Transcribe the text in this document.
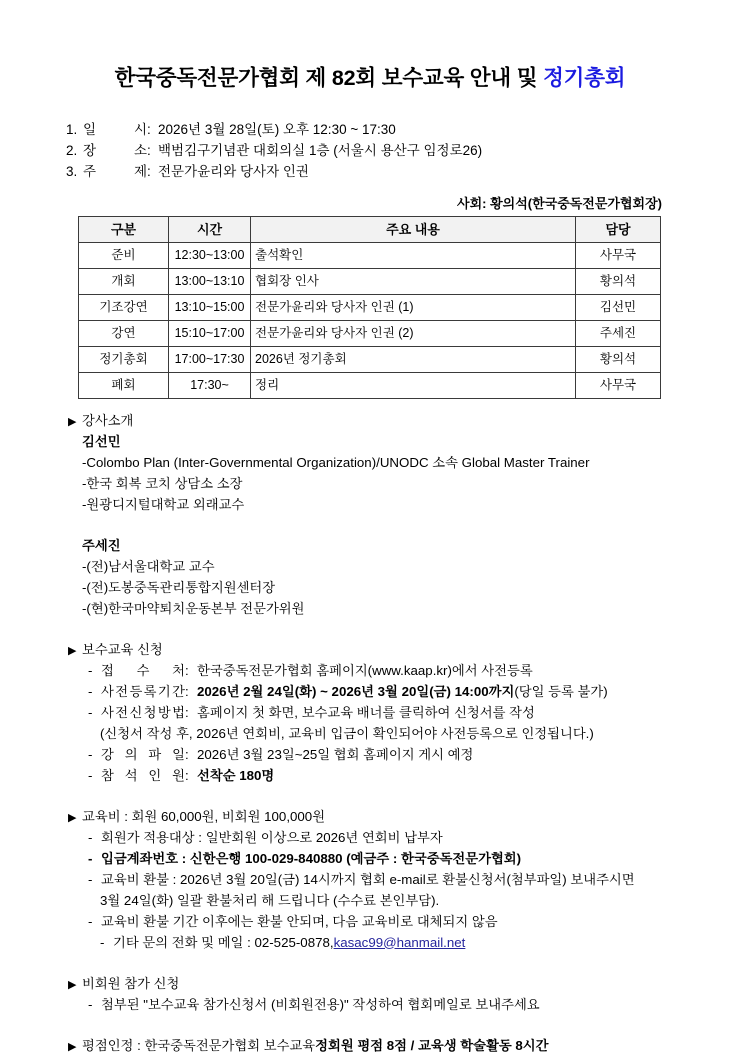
한국중독전문가협회 제 82회 보수교육 안내 및 정기총회
1. 일	시 : 2026년 3월 28일(토) 오후 12:30 ~ 17:30
2. 장	소 : 백범김구기념관 대회의실 1층 (서울시 용산구 임정로26)
3. 주	제 : 전문가윤리와 당사자 인권
사회: 황의석(한국중독전문가협회장)
구분	시간	주요 내용	담당
준비	12:30~13:00	출석확인	사무국
개회	13:00~13:10	협회장 인사	황의석
기조강연	13:10~15:00	전문가윤리와 당사자 인권 (1)	김선민
강연	15:10~17:00	전문가윤리와 당사자 인권 (2)	주세진
정기총회	17:00~17:30	2026년 정기총회	황의석
폐회	17:30~	정리	사무국
▶ 강사소개
김선민
-Colombo Plan (Inter-Governmental Organization)/UNODC 소속 Global Master Trainer
-한국 회복 코치 상담소 소장
-원광디지털대학교 외래교수
주세진
-(전)남서울대학교 교수
-(전)도봉중독관리통합지원센터장
-(현)한국마약퇴치운동본부 전문가위원
▶ 보수교육 신청
- 접 수 처 : 한국중독전문가협회 홈페이지(www.kaap.kr)에서 사전등록
- 사 전 등 록 기 간 : 2026년 2월 24일(화) ~ 2026년 3월 20일(금) 14:00까지 (당일 등록 불가)
- 사 전 신 청 방 법 : 홈페이지 첫 화면, 보수교육 배너를 클릭하여 신청서를 작성
(신청서 작성 후, 2026년 연회비, 교육비 입금이 확인되어야 사전등록으로 인정됩니다.)
- 강 의 파 일 : 2026년 3월 23일~25일 협회 홈페이지 게시 예정
- 참 석 인 원 : 선착순 180명
▶ 교육비 : 회원 60,000원, 비회원 100,000원
- 회원가 적용대상 : 일반회원 이상으로 2026년 연회비 납부자
- 입금계좌번호 : 신한은행 100-029-840880 (예금주 : 한국중독전문가협회)
- 교육비 환불 : 2026년 3월 20일(금) 14시까지 협회 e-mail로 환불신청서(첨부파일) 보내주시면
3월 24일(화) 일괄 환불처리 해 드립니다 (수수료 본인부담).
- 교육비 환불 기간 이후에는 환불 안되며, 다음 교육비로 대체되지 않음
- 기타 문의 전화 및 메일 : 02-525-0878, kasac99@hanmail.net
▶ 비회원 참가 신청
- 첨부된 "보수교육 참가신청서 (비회원전용)" 작성하여 협회메일로 보내주세요
▶ 평점인정 : 한국중독전문가협회 보수교육 정회원 평점 8점 / 교육생 학술활동 8시간
